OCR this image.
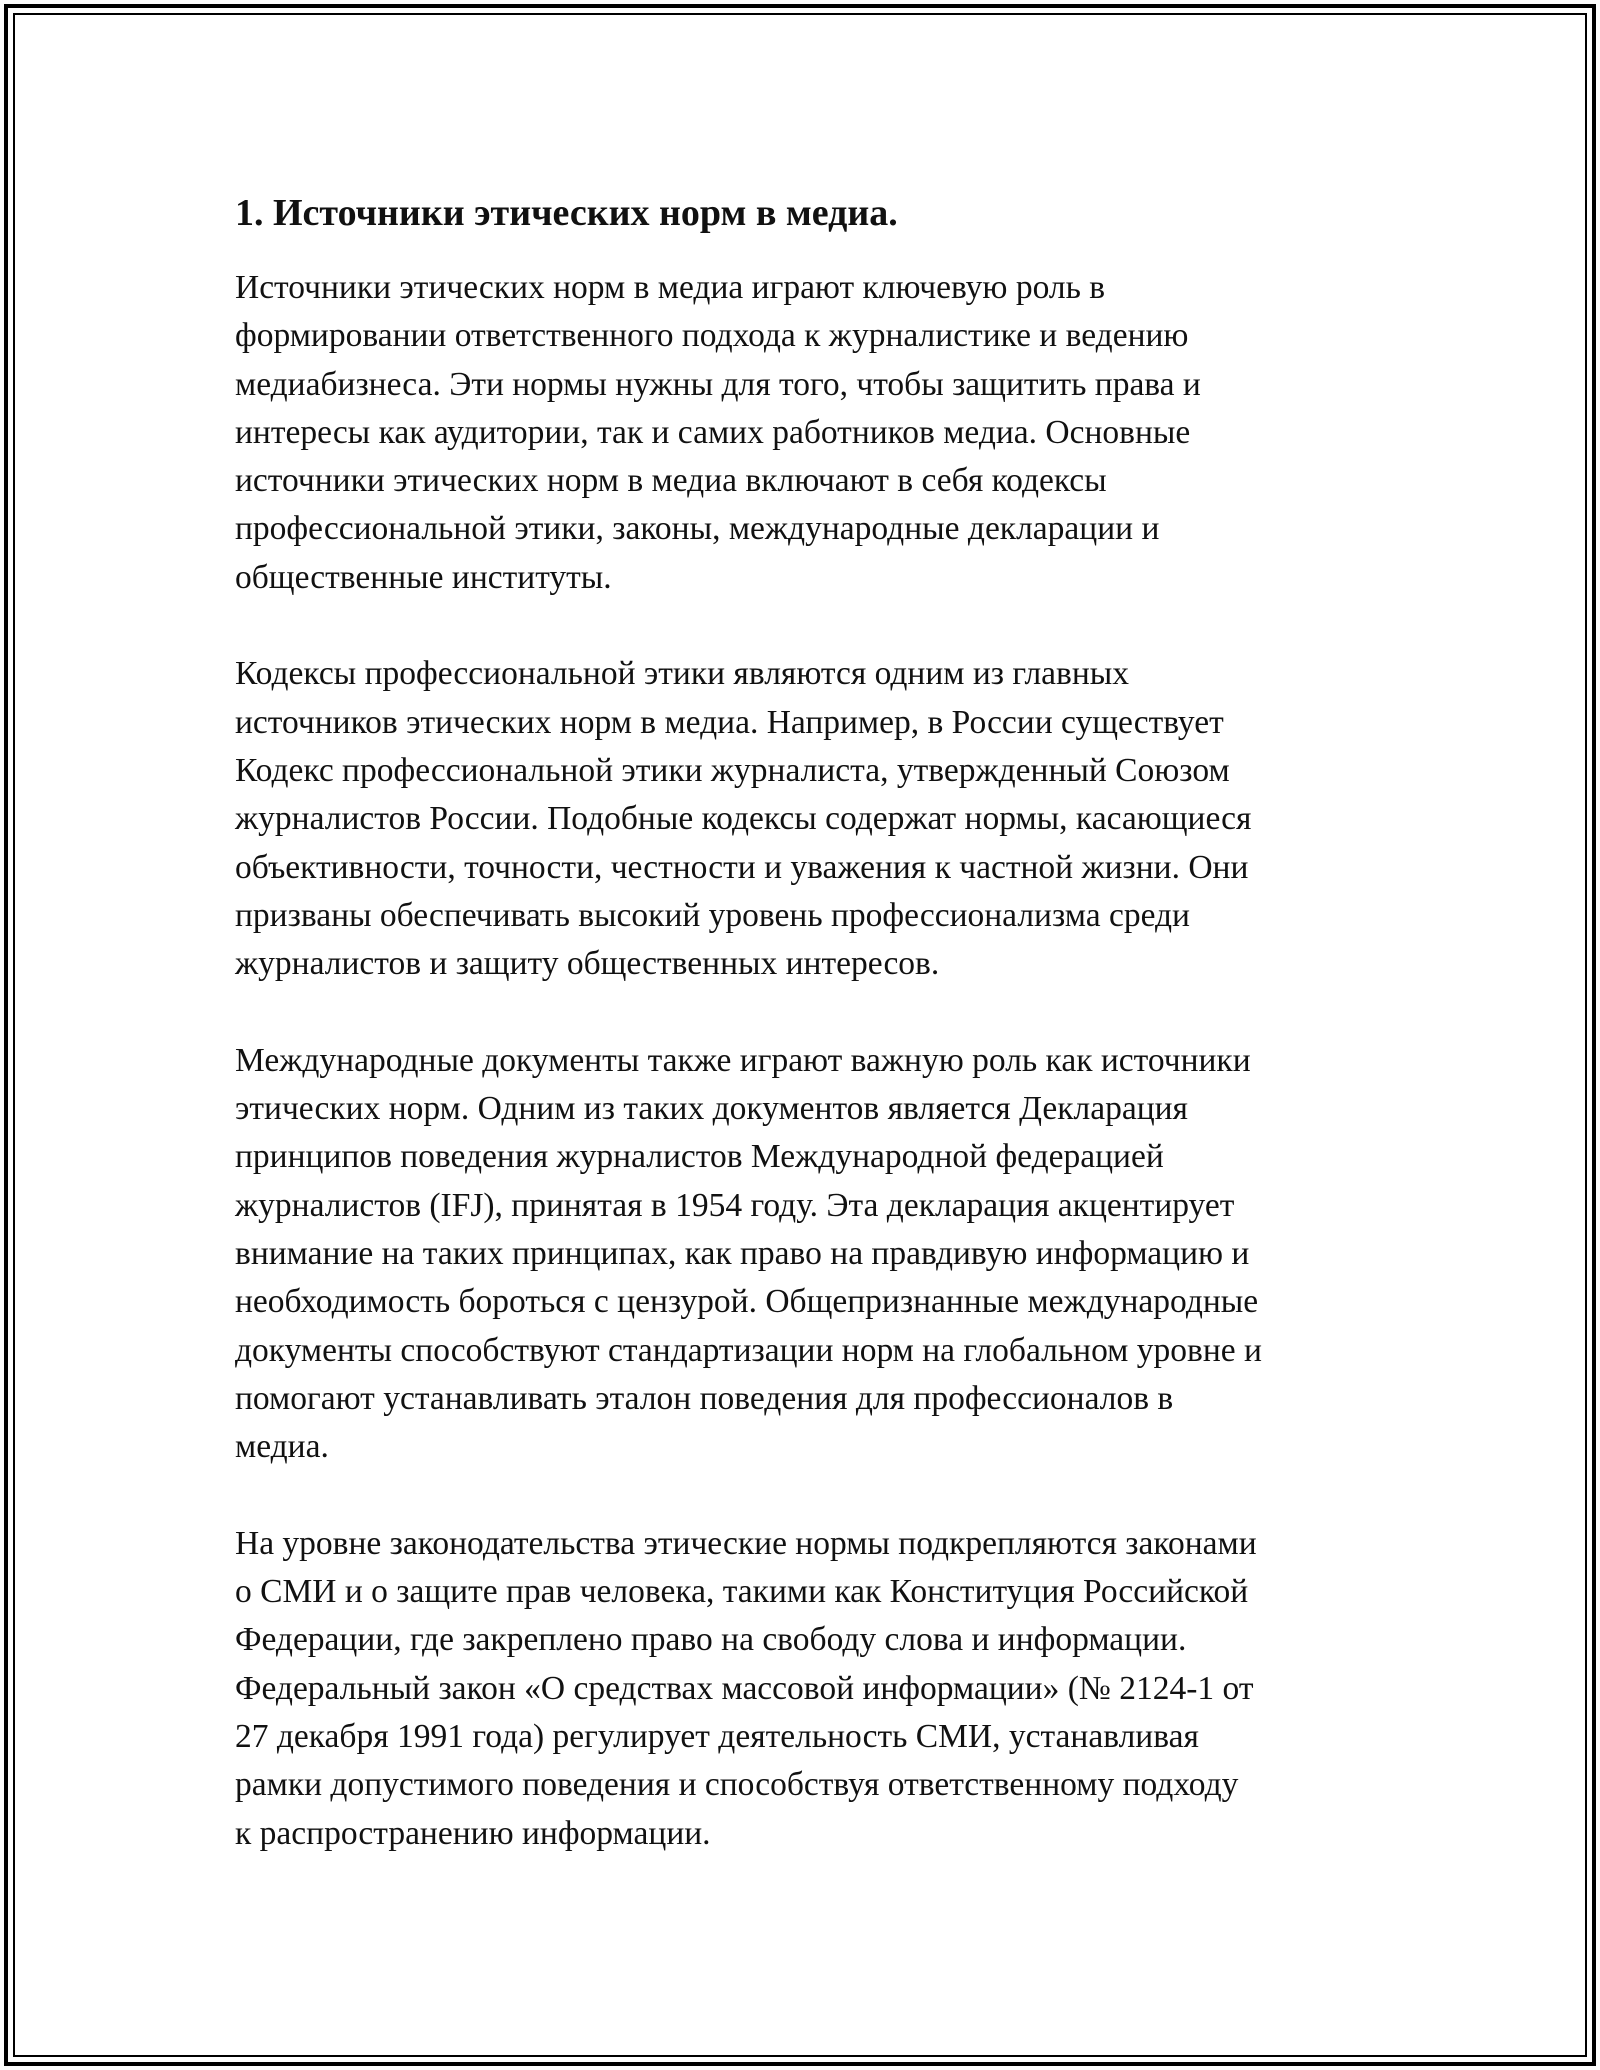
1. Источники этических норм в медиа.

Источники этических норм в медиа играют ключевую роль в
формировании ответственного подхода к журналистике и ведению
медиабизнеса. Эти нормы нужны для того, чтобы защитить права и
интересы как аудитории, так и самих работников медиа. Основные
источники этических норм в медиа включают в себя кодексы
профессиональной этики, законы, международные декларации и
общественные институты.

Кодексы профессиональной этики являются одним из главных
источников этических норм в медиа. Например, в России существует
Кодекс профессиональной этики журналиста, утвержденный Союзом
журналистов России. Подобные кодексы содержат нормы, касающиеся
объективности, точности, честности и уважения к частной жизни. Они
призваны обеспечивать высокий уровень профессионализма среди
журналистов и защиту общественных интересов.

Международные документы также играют важную роль как источники
этических норм. Одним из таких документов является Декларация
принципов поведения журналистов Международной федерацией
журналистов (IFJ), принятая в 1954 году. Эта декларация акцентирует
внимание на таких принципах, как право на правдивую информацию и
необходимость бороться с цензурой. Общепризнанные международные
документы способствуют стандартизации норм на глобальном уровне и
помогают устанавливать эталон поведения для профессионалов в
медиа.

На уровне законодательства этические нормы подкрепляются законами
о СМИ и о защите прав человека, такими как Конституция Российской
Федерации, где закреплено право на свободу слова и информации.
Федеральный закон «О средствах массовой информации» (№ 2124-1 от
27 декабря 1991 года) регулирует деятельность СМИ, устанавливая
рамки допустимого поведения и способствуя ответственному подходу
к распространению информации.
